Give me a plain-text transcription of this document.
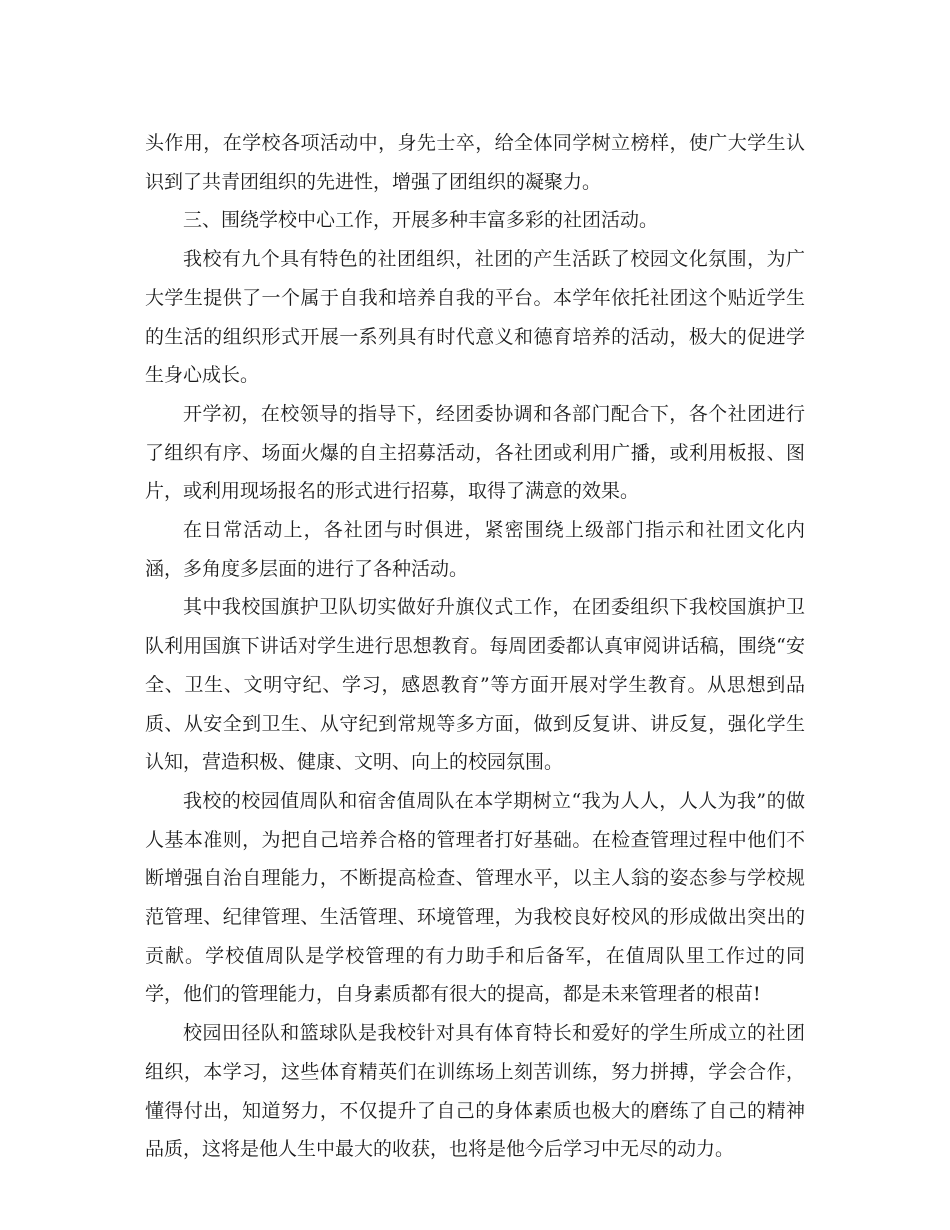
头作用，在学校各项活动中，身先士卒，给全体同学树立榜样，使广大学生认识到了共青团组织的先进性，增强了团组织的凝聚力。

三、围绕学校中心工作，开展多种丰富多彩的社团活动。

我校有九个具有特色的社团组织，社团的产生活跃了校园文化氛围，为广大学生提供了一个属于自我和培养自我的平台。本学年依托社团这个贴近学生的生活的组织形式开展一系列具有时代意义和德育培养的活动，极大的促进学生身心成长。

开学初，在校领导的指导下，经团委协调和各部门配合下，各个社团进行了组织有序、场面火爆的自主招募活动，各社团或利用广播，或利用板报、图片，或利用现场报名的形式进行招募，取得了满意的效果。

在日常活动上，各社团与时俱进，紧密围绕上级部门指示和社团文化内涵，多角度多层面的进行了各种活动。

其中我校国旗护卫队切实做好升旗仪式工作，在团委组织下我校国旗护卫队利用国旗下讲话对学生进行思想教育。每周团委都认真审阅讲话稿，围绕“安全、卫生、文明守纪、学习，感恩教育”等方面开展对学生教育。从思想到品质、从安全到卫生、从守纪到常规等多方面，做到反复讲、讲反复，强化学生认知，营造积极、健康、文明、向上的校园氛围。

我校的校园值周队和宿舍值周队在本学期树立“我为人人，人人为我”的做人基本准则，为把自己培养合格的管理者打好基础。在检查管理过程中他们不断增强自治自理能力，不断提高检查、管理水平，以主人翁的姿态参与学校规范管理、纪律管理、生活管理、环境管理，为我校良好校风的形成做出突出的贡献。学校值周队是学校管理的有力助手和后备军，在值周队里工作过的同学，他们的管理能力，自身素质都有很大的提高，都是未来管理者的根苗!

校园田径队和篮球队是我校针对具有体育特长和爱好的学生所成立的社团组织，本学习，这些体育精英们在训练场上刻苦训练，努力拼搏，学会合作，懂得付出，知道努力，不仅提升了自己的身体素质也极大的磨练了自己的精神品质，这将是他人生中最大的收获，也将是他今后学习中无尽的动力。
